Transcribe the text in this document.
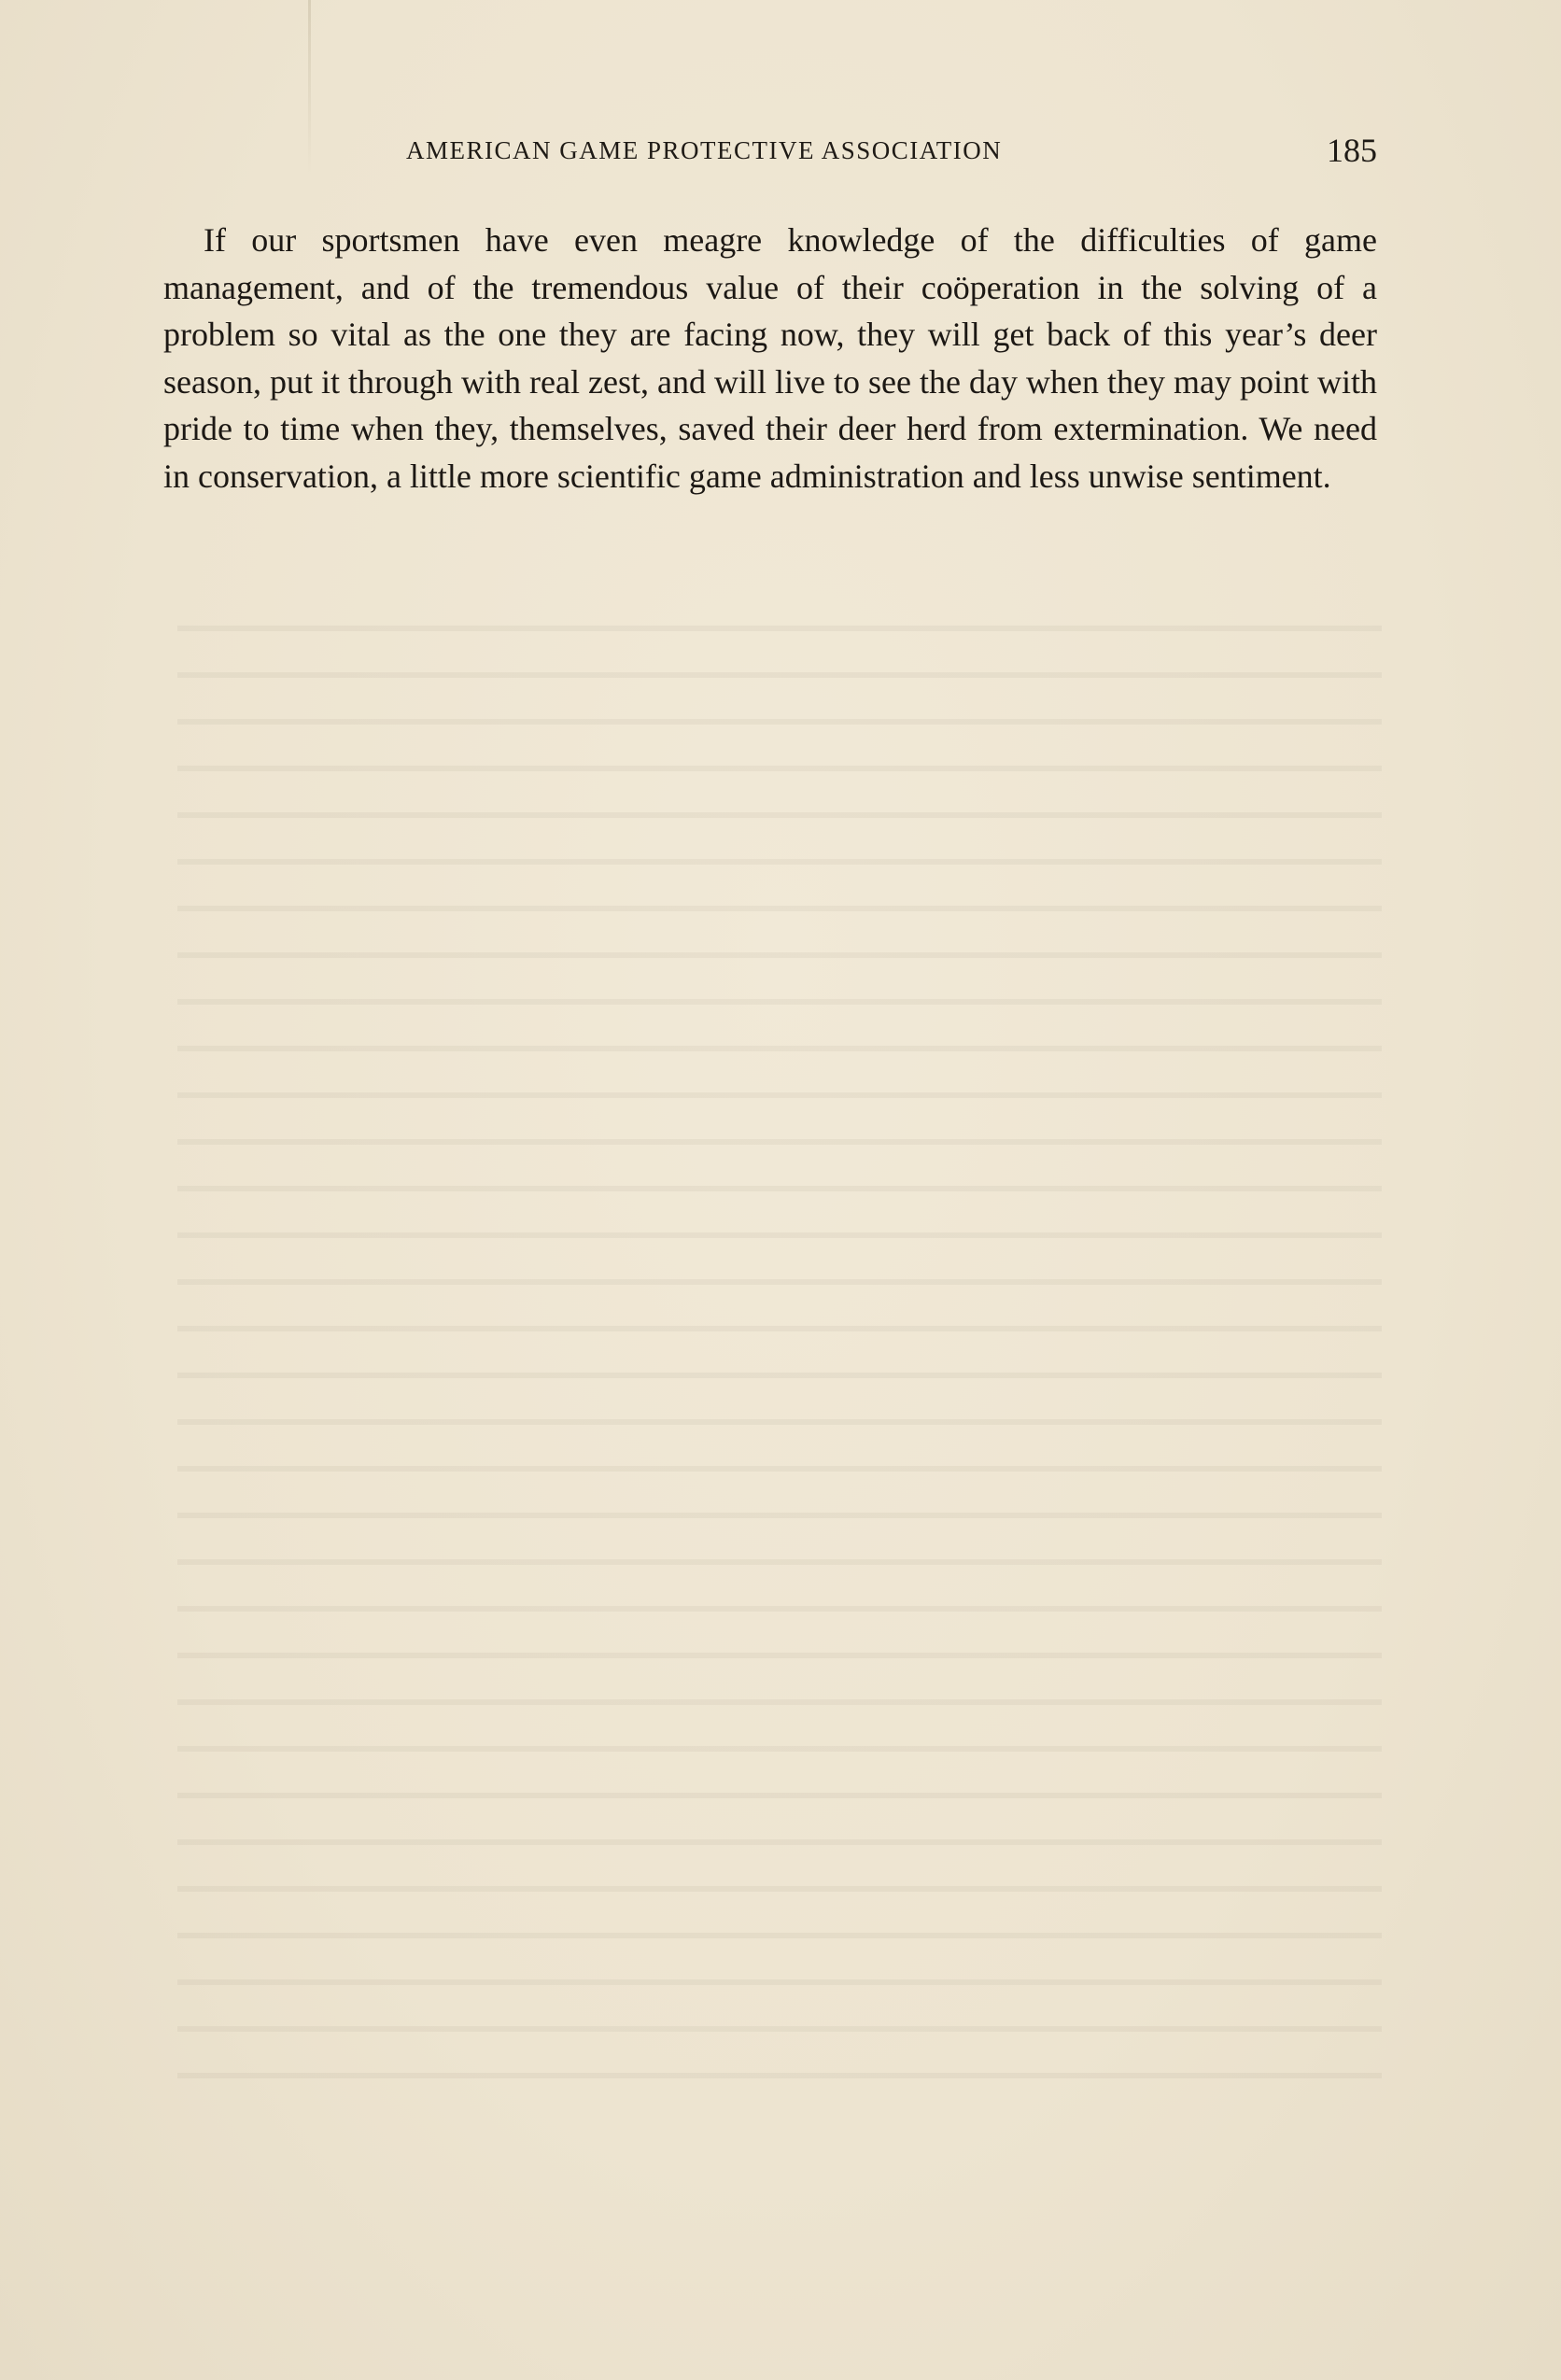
AMERICAN GAME PROTECTIVE ASSOCIATION	185

If our sportsmen have even meagre knowledge of the difficulties of game management, and of the tremendous value of their coöperation in the solving of a problem so vital as the one they are facing now, they will get back of this year’s deer season, put it through with real zest, and will live to see the day when they may point with pride to time when they, themselves, saved their deer herd from extermination. We need in conservation, a little more scientific game administration and less unwise sentiment.
